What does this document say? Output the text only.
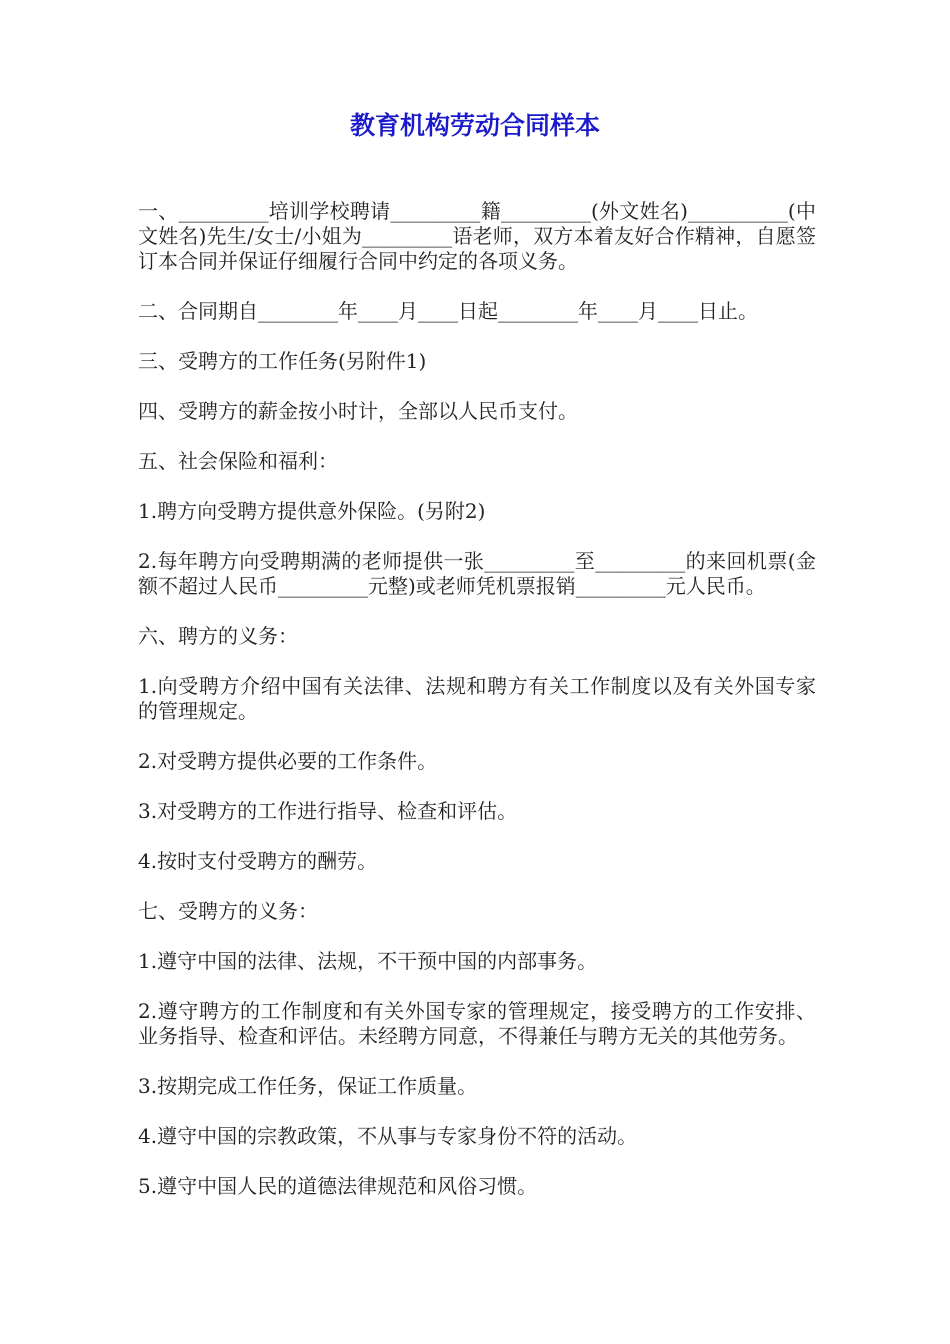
教育机构劳动合同样本

一、_________培训学校聘请_________籍_________(外文姓名)__________(中文姓名)先生/女士/小姐为_________语老师，双方本着友好合作精神，自愿签订本合同并保证仔细履行合同中约定的各项义务。

二、合同期自________年____月____日起________年____月____日止。

三、受聘方的工作任务(另附件1)

四、受聘方的薪金按小时计，全部以人民币支付。

五、社会保险和福利：

1.聘方向受聘方提供意外保险。(另附2)

2.每年聘方向受聘期满的老师提供一张_________至_________的来回机票(金额不超过人民币_________元整)或老师凭机票报销_________元人民币。

六、聘方的义务：

1.向受聘方介绍中国有关法律、法规和聘方有关工作制度以及有关外国专家的管理规定。

2.对受聘方提供必要的工作条件。

3.对受聘方的工作进行指导、检查和评估。

4.按时支付受聘方的酬劳。

七、受聘方的义务：

1.遵守中国的法律、法规，不干预中国的内部事务。

2.遵守聘方的工作制度和有关外国专家的管理规定，接受聘方的工作安排、业务指导、检查和评估。未经聘方同意，不得兼任与聘方无关的其他劳务。

3.按期完成工作任务，保证工作质量。

4.遵守中国的宗教政策，不从事与专家身份不符的活动。

5.遵守中国人民的道德法律规范和风俗习惯。
